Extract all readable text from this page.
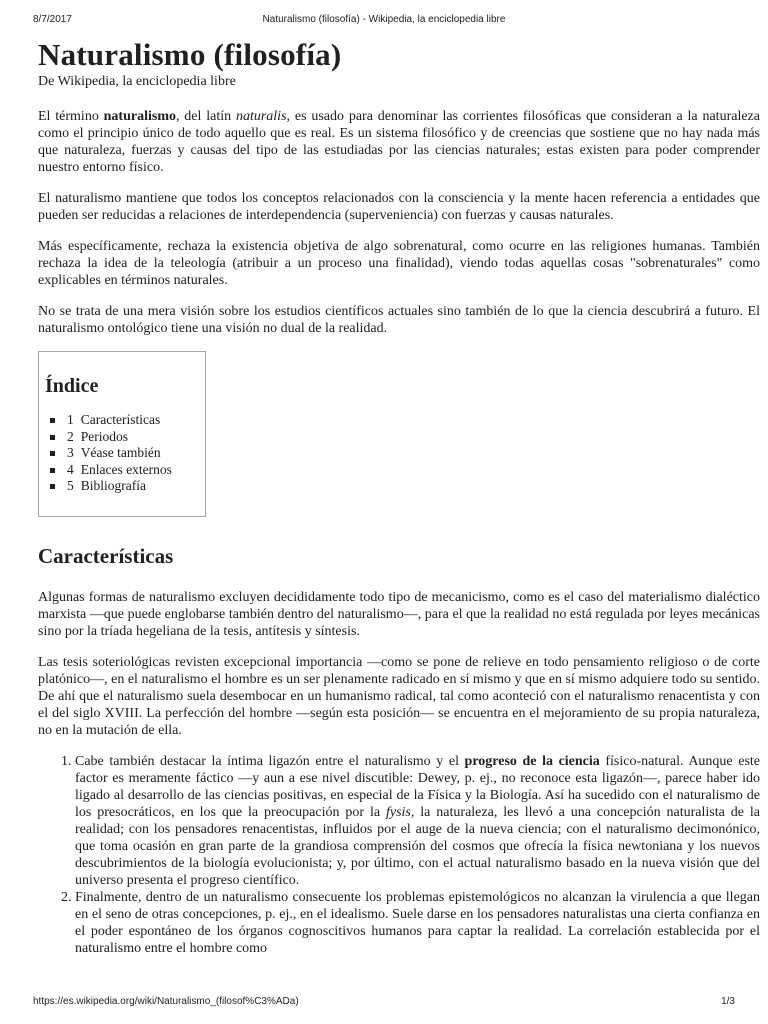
8/7/2017	Naturalismo (filosofía) - Wikipedia, la enciclopedia libre
Naturalismo (filosofía)
De Wikipedia, la enciclopedia libre

El término naturalismo, del latín naturalis, es usado para denominar las corrientes filosóficas que consideran a la naturaleza como el principio único de todo aquello que es real. Es un sistema filosófico y de creencias que sostiene que no hay nada más que naturaleza, fuerzas y causas del tipo de las estudiadas por las ciencias naturales; estas existen para poder comprender nuestro entorno físico.

El naturalismo mantiene que todos los conceptos relacionados con la consciencia y la mente hacen referencia a entidades que pueden ser reducidas a relaciones de interdependencia (superveniencia) con fuerzas y causas naturales.

Más específicamente, rechaza la existencia objetiva de algo sobrenatural, como ocurre en las religiones humanas. También rechaza la idea de la teleología (atribuir a un proceso una finalidad), viendo todas aquellas cosas "sobrenaturales" como explicables en términos naturales.

No se trata de una mera visión sobre los estudios científicos actuales sino también de lo que la ciencia descubrirá a futuro. El naturalismo ontológico tiene una visión no dual de la realidad.

Índice
1 Características
2 Periodos
3 Véase también
4 Enlaces externos
5 Bibliografía
Características

Algunas formas de naturalismo excluyen decididamente todo tipo de mecanicismo, como es el caso del materialismo dialéctico marxista —que puede englobarse también dentro del naturalismo—, para el que la realidad no está regulada por leyes mecánicas sino por la tríada hegeliana de la tesis, antítesis y síntesis.

Las tesis soteriológicas revisten excepcional importancia —como se pone de relieve en todo pensamiento religioso o de corte platónico—, en el naturalismo el hombre es un ser plenamente radicado en sí mismo y que en sí mismo adquiere todo su sentido. De ahí que el naturalismo suela desembocar en un humanismo radical, tal como aconteció con el naturalismo renacentista y con el del siglo XVIII. La perfección del hombre —según esta posición— se encuentra en el mejoramiento de su propia naturaleza, no en la mutación de ella.

1. Cabe también destacar la íntima ligazón entre el naturalismo y el progreso de la ciencia físico-natural. Aunque este factor es meramente fáctico —y aun a ese nivel discutible: Dewey, p. ej., no reconoce esta ligazón—, parece haber ido ligado al desarrollo de las ciencias positivas, en especial de la Física y la Biología. Así ha sucedido con el naturalismo de los presocráticos, en los que la preocupación por la fysis, la naturaleza, les llevó a una concepción naturalista de la realidad; con los pensadores renacentistas, influidos por el auge de la nueva ciencia; con el naturalismo decimonónico, que toma ocasión en gran parte de la grandiosa comprensión del cosmos que ofrecía la física newtoniana y los nuevos descubrimientos de la biología evolucionista; y, por último, con el actual naturalismo basado en la nueva visión que del universo presenta el progreso científico.
2. Finalmente, dentro de un naturalismo consecuente los problemas epistemológicos no alcanzan la virulencia a que llegan en el seno de otras concepciones, p. ej., en el idealismo. Suele darse en los pensadores naturalistas una cierta confianza en el poder espontáneo de los órganos cognoscitivos humanos para captar la realidad. La correlación establecida por el naturalismo entre el hombre como
https://es.wikipedia.org/wiki/Naturalismo_(filosof%C3%ADa)	1/3
